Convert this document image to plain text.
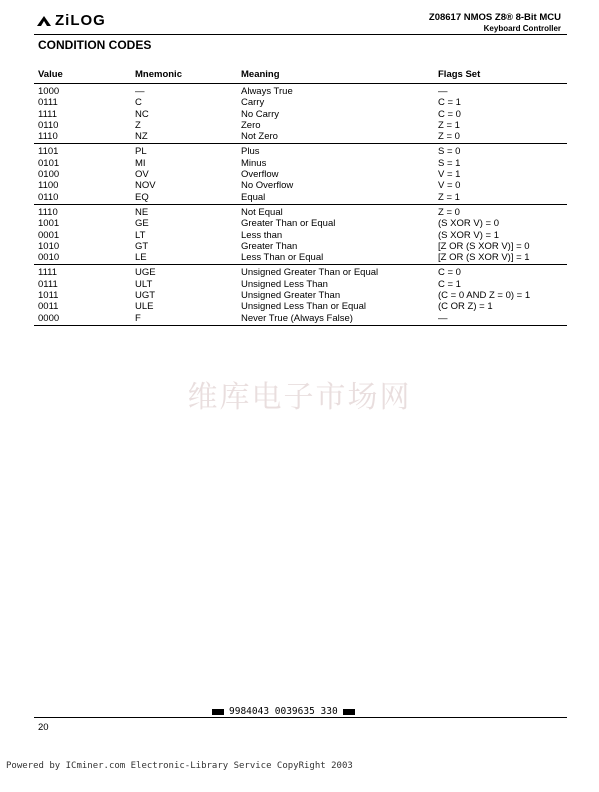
ZiLOG	Z08617 NMOS Z8® 8-Bit MCU
Keyboard Controller
CONDITION CODES
Value	Mnemonic	Meaning	Flags Set
1000	—	Always True	—
0111	C	Carry	C = 1
1111	NC	No Carry	C = 0
0110	Z	Zero	Z = 1
1110	NZ	Not Zero	Z = 0
1101	PL	Plus	S = 0
0101	MI	Minus	S = 1
0100	OV	Overflow	V = 1
1100	NOV	No Overflow	V = 0
0110	EQ	Equal	Z = 1
1110	NE	Not Equal	Z = 0
1001	GE	Greater Than or Equal	(S XOR V) = 0
0001	LT	Less than	(S XOR V) = 1
1010	GT	Greater Than	[Z OR (S XOR V)] = 0
0010	LE	Less Than or Equal	[Z OR (S XOR V)] = 1
1111	UGE	Unsigned Greater Than or Equal	C = 0
0111	ULT	Unsigned Less Than	C = 1
1011	UGT	Unsigned Greater Than	(C = 0 AND Z = 0) = 1
0011	ULE	Unsigned Less Than or Equal	(C OR Z) = 1
0000	F	Never True (Always False)	—
维库电子市场网
9984043 0039635 330
20
Powered by ICminer.com Electronic-Library Service CopyRight 2003
